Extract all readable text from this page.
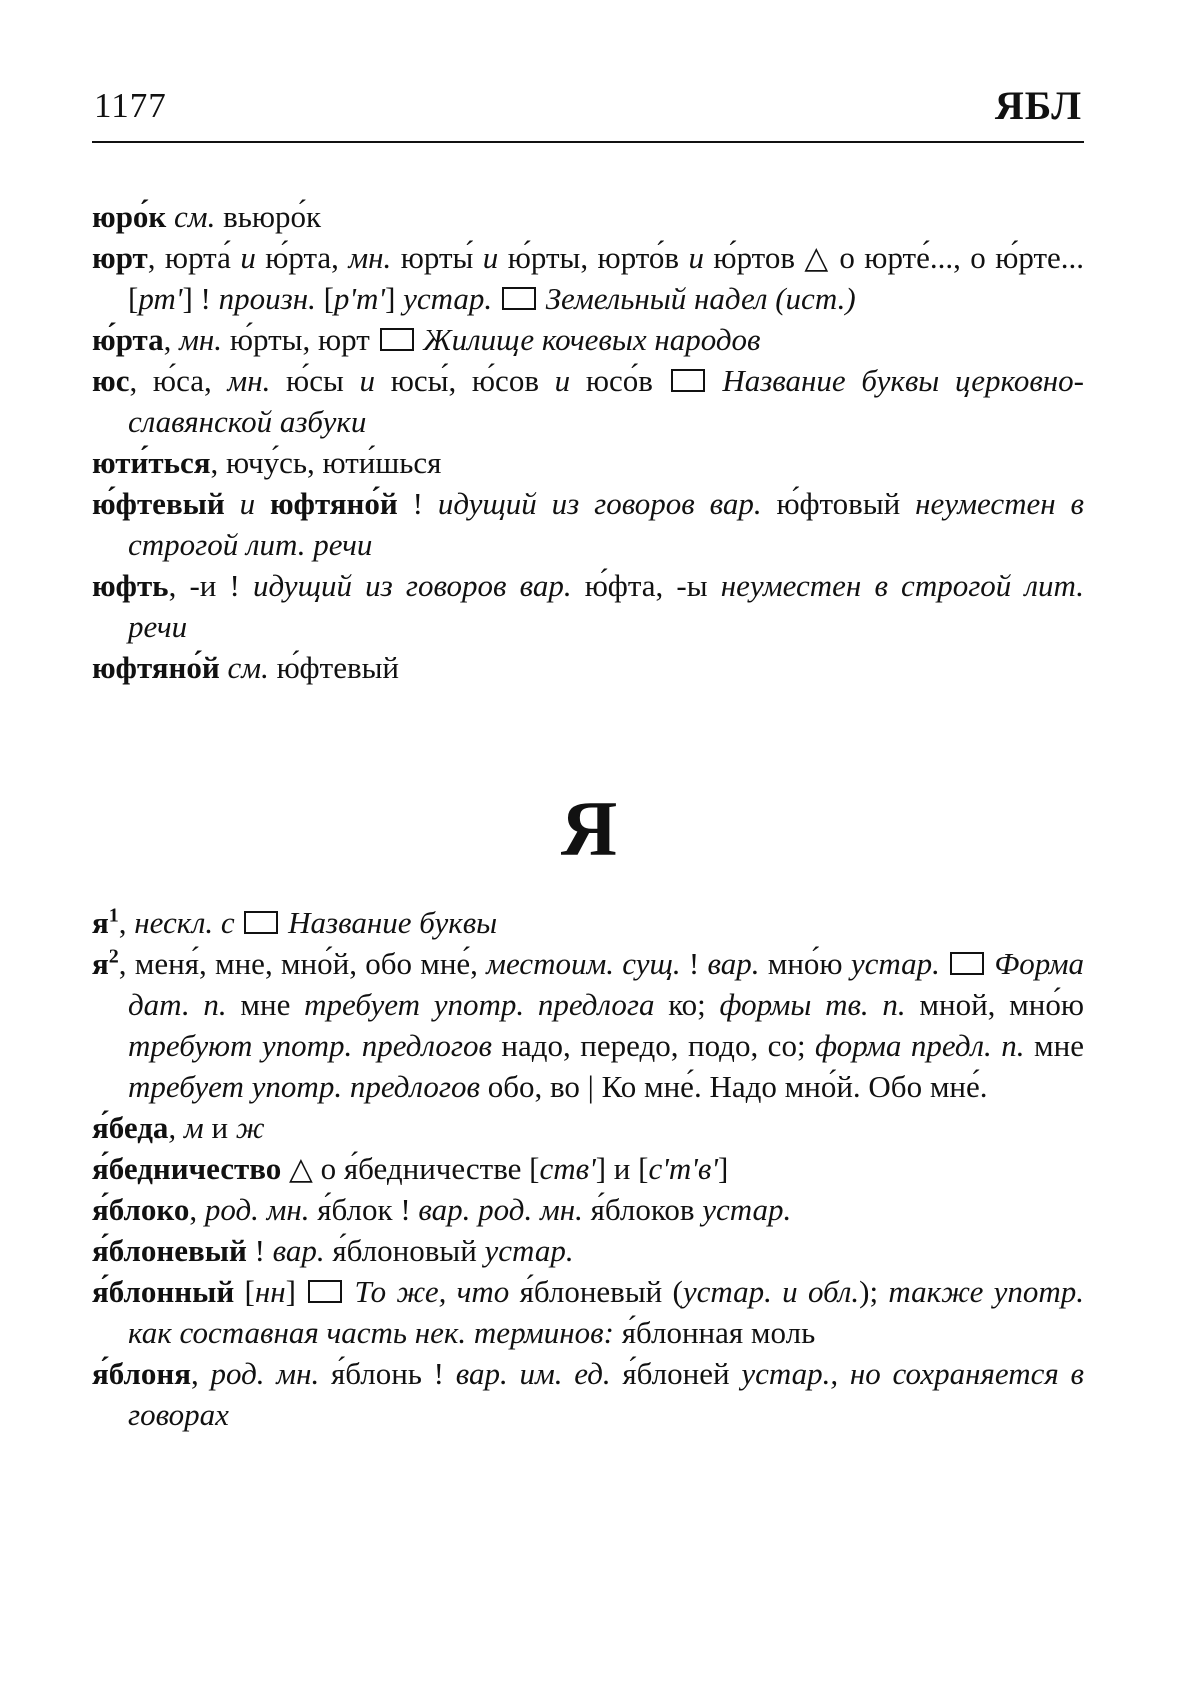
1177	ЯБЛ
юро́к см. вьюро́к
юрт, юрта́ и ю́рта, мн. юрты́ и ю́рты, юрто́в и ю́ртов △ о юрте́..., о ю́рте... [рт'] ! произн. [р'т'] устар. Земельный надел (ист.)
ю́рта, мн. ю́рты, юрт Жилище кочевых народов
юс, ю́са, мн. ю́сы и юсы́, ю́сов и юсо́в Название буквы церковно-славянской азбуки
юти́ться, ючу́сь, юти́шься
ю́фтевый и юфтяно́й ! идущий из говоров вар. ю́фтовый неуместен в строгой лит. речи
юфть, -и ! идущий из говоров вар. ю́фта, -ы неуместен в строгой лит. речи
юфтяно́й см. ю́фтевый
Я
$я^1$, нескл. с Название буквы
$я^2$, меня́, мне, мно́й, обо мне́, местоим. сущ. ! вар. мно́ю устар. Форма дат. п. мне требует употр. предлога ко; формы тв. п. мной, мно́ю требуют употр. предлогов надо, передо, подо, со; форма предл. п. мне требует употр. предлогов обо, во | Ко мне́. Надо мно́й. Обо мне́.
я́беда, м и ж
я́бедничество △ о я́бедничестве [ств'] и [с'т'в']
я́блоко, род. мн. я́блок ! вар. род. мн. я́блоков устар.
я́блоневый ! вар. я́блоновый устар.
я́блонный [нн] То же, что я́блоневый (устар. и обл.); также употр. как составная часть нек. терминов: я́блонная моль
я́блоня, род. мн. я́блонь ! вар. им. ед. я́блоней устар., но сохраняется в говорах
